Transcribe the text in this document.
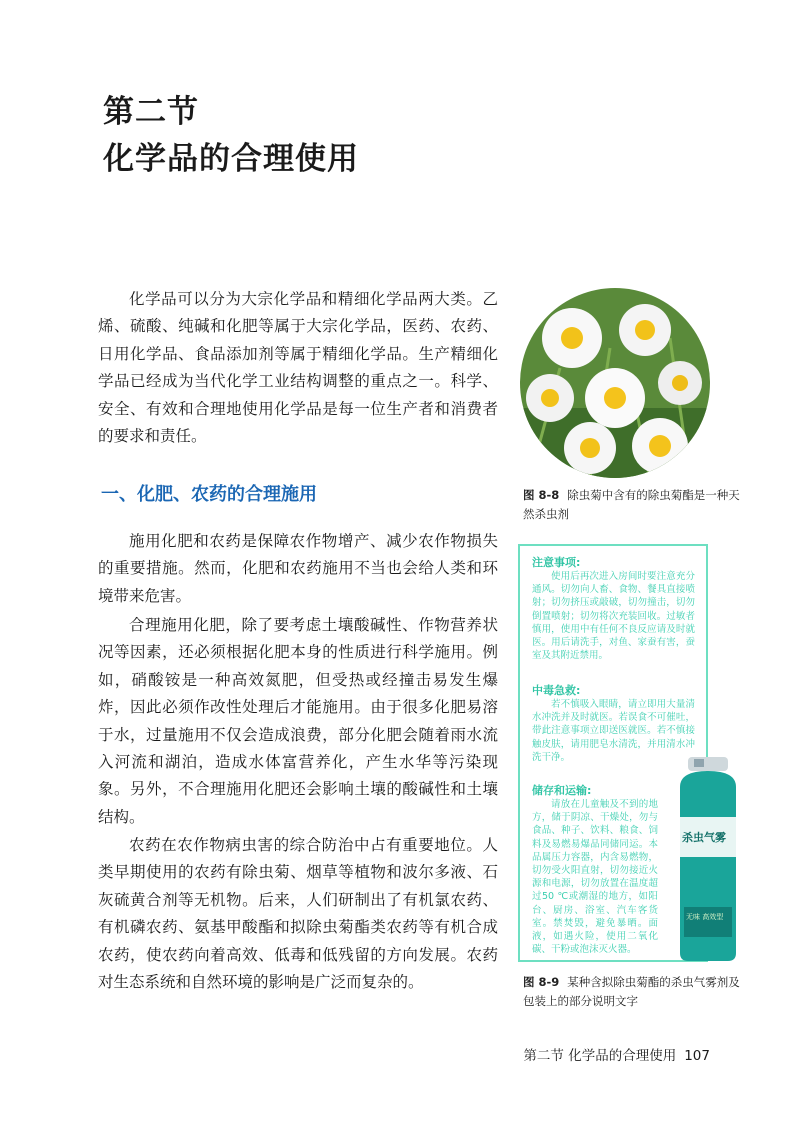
第二节
化学品的合理使用

化学品可以分为大宗化学品和精细化学品两大类。乙烯、硫酸、纯碱和化肥等属于大宗化学品，医药、农药、日用化学品、食品添加剂等属于精细化学品。生产精细化学品已经成为当代化学工业结构调整的重点之一。科学、安全、有效和合理地使用化学品是每一位生产者和消费者的要求和责任。

一、化肥、农药的合理施用

施用化肥和农药是保障农作物增产、减少农作物损失的重要措施。然而，化肥和农药施用不当也会给人类和环境带来危害。

合理施用化肥，除了要考虑土壤酸碱性、作物营养状况等因素，还必须根据化肥本身的性质进行科学施用。例如，硝酸铵是一种高效氮肥，但受热或经撞击易发生爆炸，因此必须作改性处理后才能施用。由于很多化肥易溶于水，过量施用不仅会造成浪费，部分化肥会随着雨水流入河流和湖泊，造成水体富营养化，产生水华等污染现象。另外，不合理施用化肥还会影响土壤的酸碱性和土壤结构。

农药在农作物病虫害的综合防治中占有重要地位。人类早期使用的农药有除虫菊、烟草等植物和波尔多液、石灰硫黄合剂等无机物。后来，人们研制出了有机氯农药、有机磷农药、氨基甲酸酯和拟除虫菊酯类农药等有机合成农药，使农药向着高效、低毒和低残留的方向发展。农药对生态系统和自然环境的影响是广泛而复杂的。

图 8-8 除虫菊中含有的除虫菊酯是一种天然杀虫剂
注意事项:
使用后再次进入房间时要注意充分通风。切勿向人畜、食物、餐具直接喷射；切勿挤压或敲破，切勿撞击，切勿倒置喷射；切勿将次充装回收。过敏者慎用，使用中有任何不良反应请及时就医。用后请洗手，对鱼、家蚕有害，蚕室及其附近禁用。
中毒急救:
若不慎吸入眼睛，请立即用大量清水冲洗并及时就医。若误食不可催吐，带此注意事项立即送医就医。若不慎接触皮肤，请用肥皂水清洗，并用清水冲洗干净。
储存和运输:
请放在儿童触及不到的地方，储于阴凉、干燥处，勿与食品、种子、饮料、粮食、饲料及易燃易爆品同储同运。本品属压力容器，内含易燃物，切勿受火阳直射，切勿接近火源和电源，切勿放置在温度超过50 ℃或潮湿的地方，如阳台、厨房、浴室、汽车客货室。禁焚毁，避免暴晒。面液，如遇火险，使用二氧化碳、干粉或泡沫灭火器。
杀虫气雾
无味 高效型
图 8-9 某种含拟除虫菊酯的杀虫气雾剂及包装上的部分说明文字
第二节 化学品的合理使用 107
